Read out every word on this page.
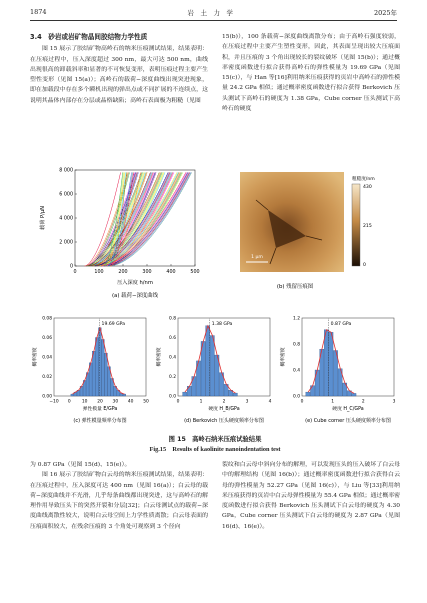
1874	岩　土　力　学	2025年
3.4　砂岩或岩矿物晶间胶结物力学性质

图 15 展示了胶结矿物高岭石的纳米压痕测试结果，结果表明：在压痕过程中，压入深度超过 300 nm，最大可达 500 nm，曲线出现很高的卸载斜率和显著的不可恢复变形，表明压痕过程主要产生塑性变形（见图 15(a)）；高岭石的载荷−深度曲线出现突进现象，即在加载段中存在多个瞬机出现的弹出点或不同扩展的不连续点，这说明其晶体内部存在分层或晶格缺陷；高岭石表面极为粗糙（见图

15(b)），100 条载荷−深度曲线离散分布；由于高岭石强度较弱，在压痕过程中主要产生塑性变形，因此，其表面呈现出较大压痕面积，并且压痕的 3 个角出现较长的裂纹破坏（见图 15(b)）；通过概率密度函数进行拟合获得高岭石的弹性模量为 19.69 GPa（见图 15(c)），与 Han 等[16]利用纳米压痕获得的页岩中高岭石的弹性模量 24.2 GPa 相似；通过概率密度函数进行拟合获得 Berkovich 压头测试下高岭石的硬度为 1.38 GPa，Cube corner 压头测试下高岭石的硬度

0	100	200	300	400	500
0
2 000
4 000
6 000
8 000
压入深度 h/nm
载荷 P/μN
(a) 载荷−深度曲线
1 μm
粗糙度/nm
430
215
0
(b) 残留压痕图
19.69 GPa
−10 0	10 20 30 40 50
0.00
0.02
0.04
0.06
0.08
弹性模量 E/GPa
概率密度
(c) 弹性模量频率分布图
1.38 GPa
0	1	2	3	4
0.0
0.2
0.4
0.6
0.8
硬度 H_B/GPa
概率密度
(d) Berkovich 压头硬度频率分布图
0.87 GPa
0	1	2	3
0.0
0.4
0.8
1.2
硬度 H_C/GPa
概率密度
(e) Cube corner 压头硬度频率分布图
图 15　高岭石纳米压痕试验结果
Fig.15　Results of kaolinite nanoindentation test

为 0.87 GPa（见图 15(d)、15(e)）。

图 16 展示了胶结矿物白云母的纳米压痕测试结果，结果表明：在压痕过程中，压入深度可达 400 nm（见图 16(a)）；白云母的载荷−深度曲线并不光滑，几乎每条曲线都出现突进，这与高岭石的解理作用导致压头下的突然开裂和分层[32]；白云母测试点的载荷−深度曲线离散性较大，说明白云母空间上力学性质离散；白云母表面的压痕面积较大，在残余压痕的 3 个角处可观察到 3 个径向

裂纹和白云母中斜向分布的解理，可以发现压头的压入破坏了白云母中的解理结构（见图 16(b)）；通过概率密度函数进行拟合获得白云母的弹性模量为 52.27 GPa（见图 16(c)），与 Liu 等[33]利用纳米压痕获得的页岩中白云母弹性模量为 55.4 GPa 相似；通过概率密度函数进行拟合获得 Berkovich 压头测试下白云母的硬度为 4.30 GPa，Cube corner 压头测试下白云母的硬度为 2.87 GPa（见图 16(d)、16(e)）。
